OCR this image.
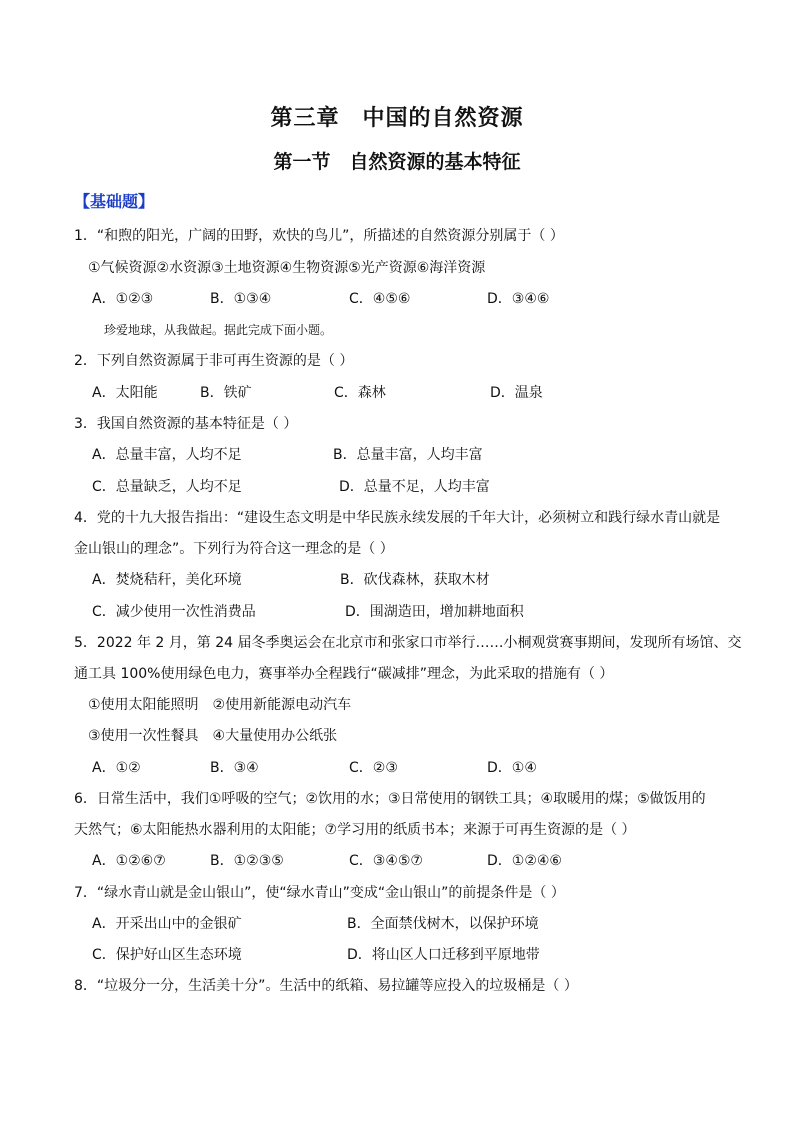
第三章　中国的自然资源
第一节　自然资源的基本特征
【基础题】
1．“和煦的阳光，广阔的田野，欢快的鸟儿”，所描述的自然资源分别属于（ ）
①气候资源②水资源③土地资源④生物资源⑤光产资源⑥海洋资源
A．①②③	B．①③④	C．④⑤⑥	D．③④⑥
珍爱地球，从我做起。据此完成下面小题。
2．下列自然资源属于非可再生资源的是（ ）
A．太阳能	B．铁矿	C．森林	D．温泉
3．我国自然资源的基本特征是（ ）
A．总量丰富，人均不足	B．总量丰富，人均丰富
C．总量缺乏，人均不足	D．总量不足，人均丰富
4．党的十九大报告指出：“建设生态文明是中华民族永续发展的千年大计，必须树立和践行绿水青山就是
金山银山的理念”。下列行为符合这一理念的是（ ）
A．焚烧秸秆，美化环境	B．砍伐森林，获取木材
C．减少使用一次性消费品	D．围湖造田，增加耕地面积
5．2022 年 2 月，第 24 届冬季奥运会在北京市和张家口市举行……小桐观赏赛事期间，发现所有场馆、交
通工具 100%使用绿色电力，赛事举办全程践行“碳减排”理念，为此采取的措施有（ ）
①使用太阳能照明　②使用新能源电动汽车
③使用一次性餐具　④大量使用办公纸张
A．①②	B．③④	C．②③	D．①④
6．日常生活中，我们①呼吸的空气；②饮用的水；③日常使用的钢铁工具；④取暖用的煤；⑤做饭用的
天然气；⑥太阳能热水器利用的太阳能；⑦学习用的纸质书本；来源于可再生资源的是（ ）
A．①②⑥⑦	B．①②③⑤	C．③④⑤⑦	D．①②④⑥
7．“绿水青山就是金山银山”，使“绿水青山”变成“金山银山”的前提条件是（ ）
A．开采出山中的金银矿	B．全面禁伐树木，以保护环境
C．保护好山区生态环境	D．将山区人口迁移到平原地带
8．“垃圾分一分，生活美十分”。生活中的纸箱、易拉罐等应投入的垃圾桶是（ ）
